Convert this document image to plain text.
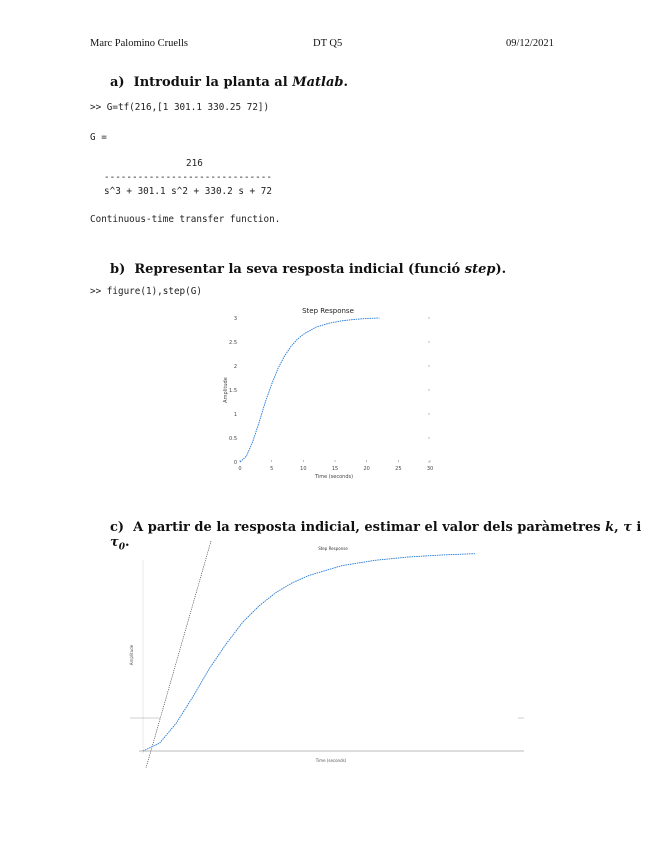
Marc Palomino Cruells	DT Q5	09/12/2021
a) Introduir la planta al Matlab.
>> G=tf(216,[1 301.1 330.25 72])
G =
216
------------------------------
s^3 + 301.1 s^2 + 330.2 s + 72
Continuous-time transfer function.
b) Representar la seva resposta indicial (funció step).
>> figure(1),step(G)
Step Response
Time (seconds)
Amplitude
0	5	10	15	20	25	30
0
0.5
1
1.5
2
2.5
3
c) A partir de la resposta indicial, estimar el valor dels paràmetres k, τ i $\tau_0$.	Step Response
Time (seconds)
Amplitude
